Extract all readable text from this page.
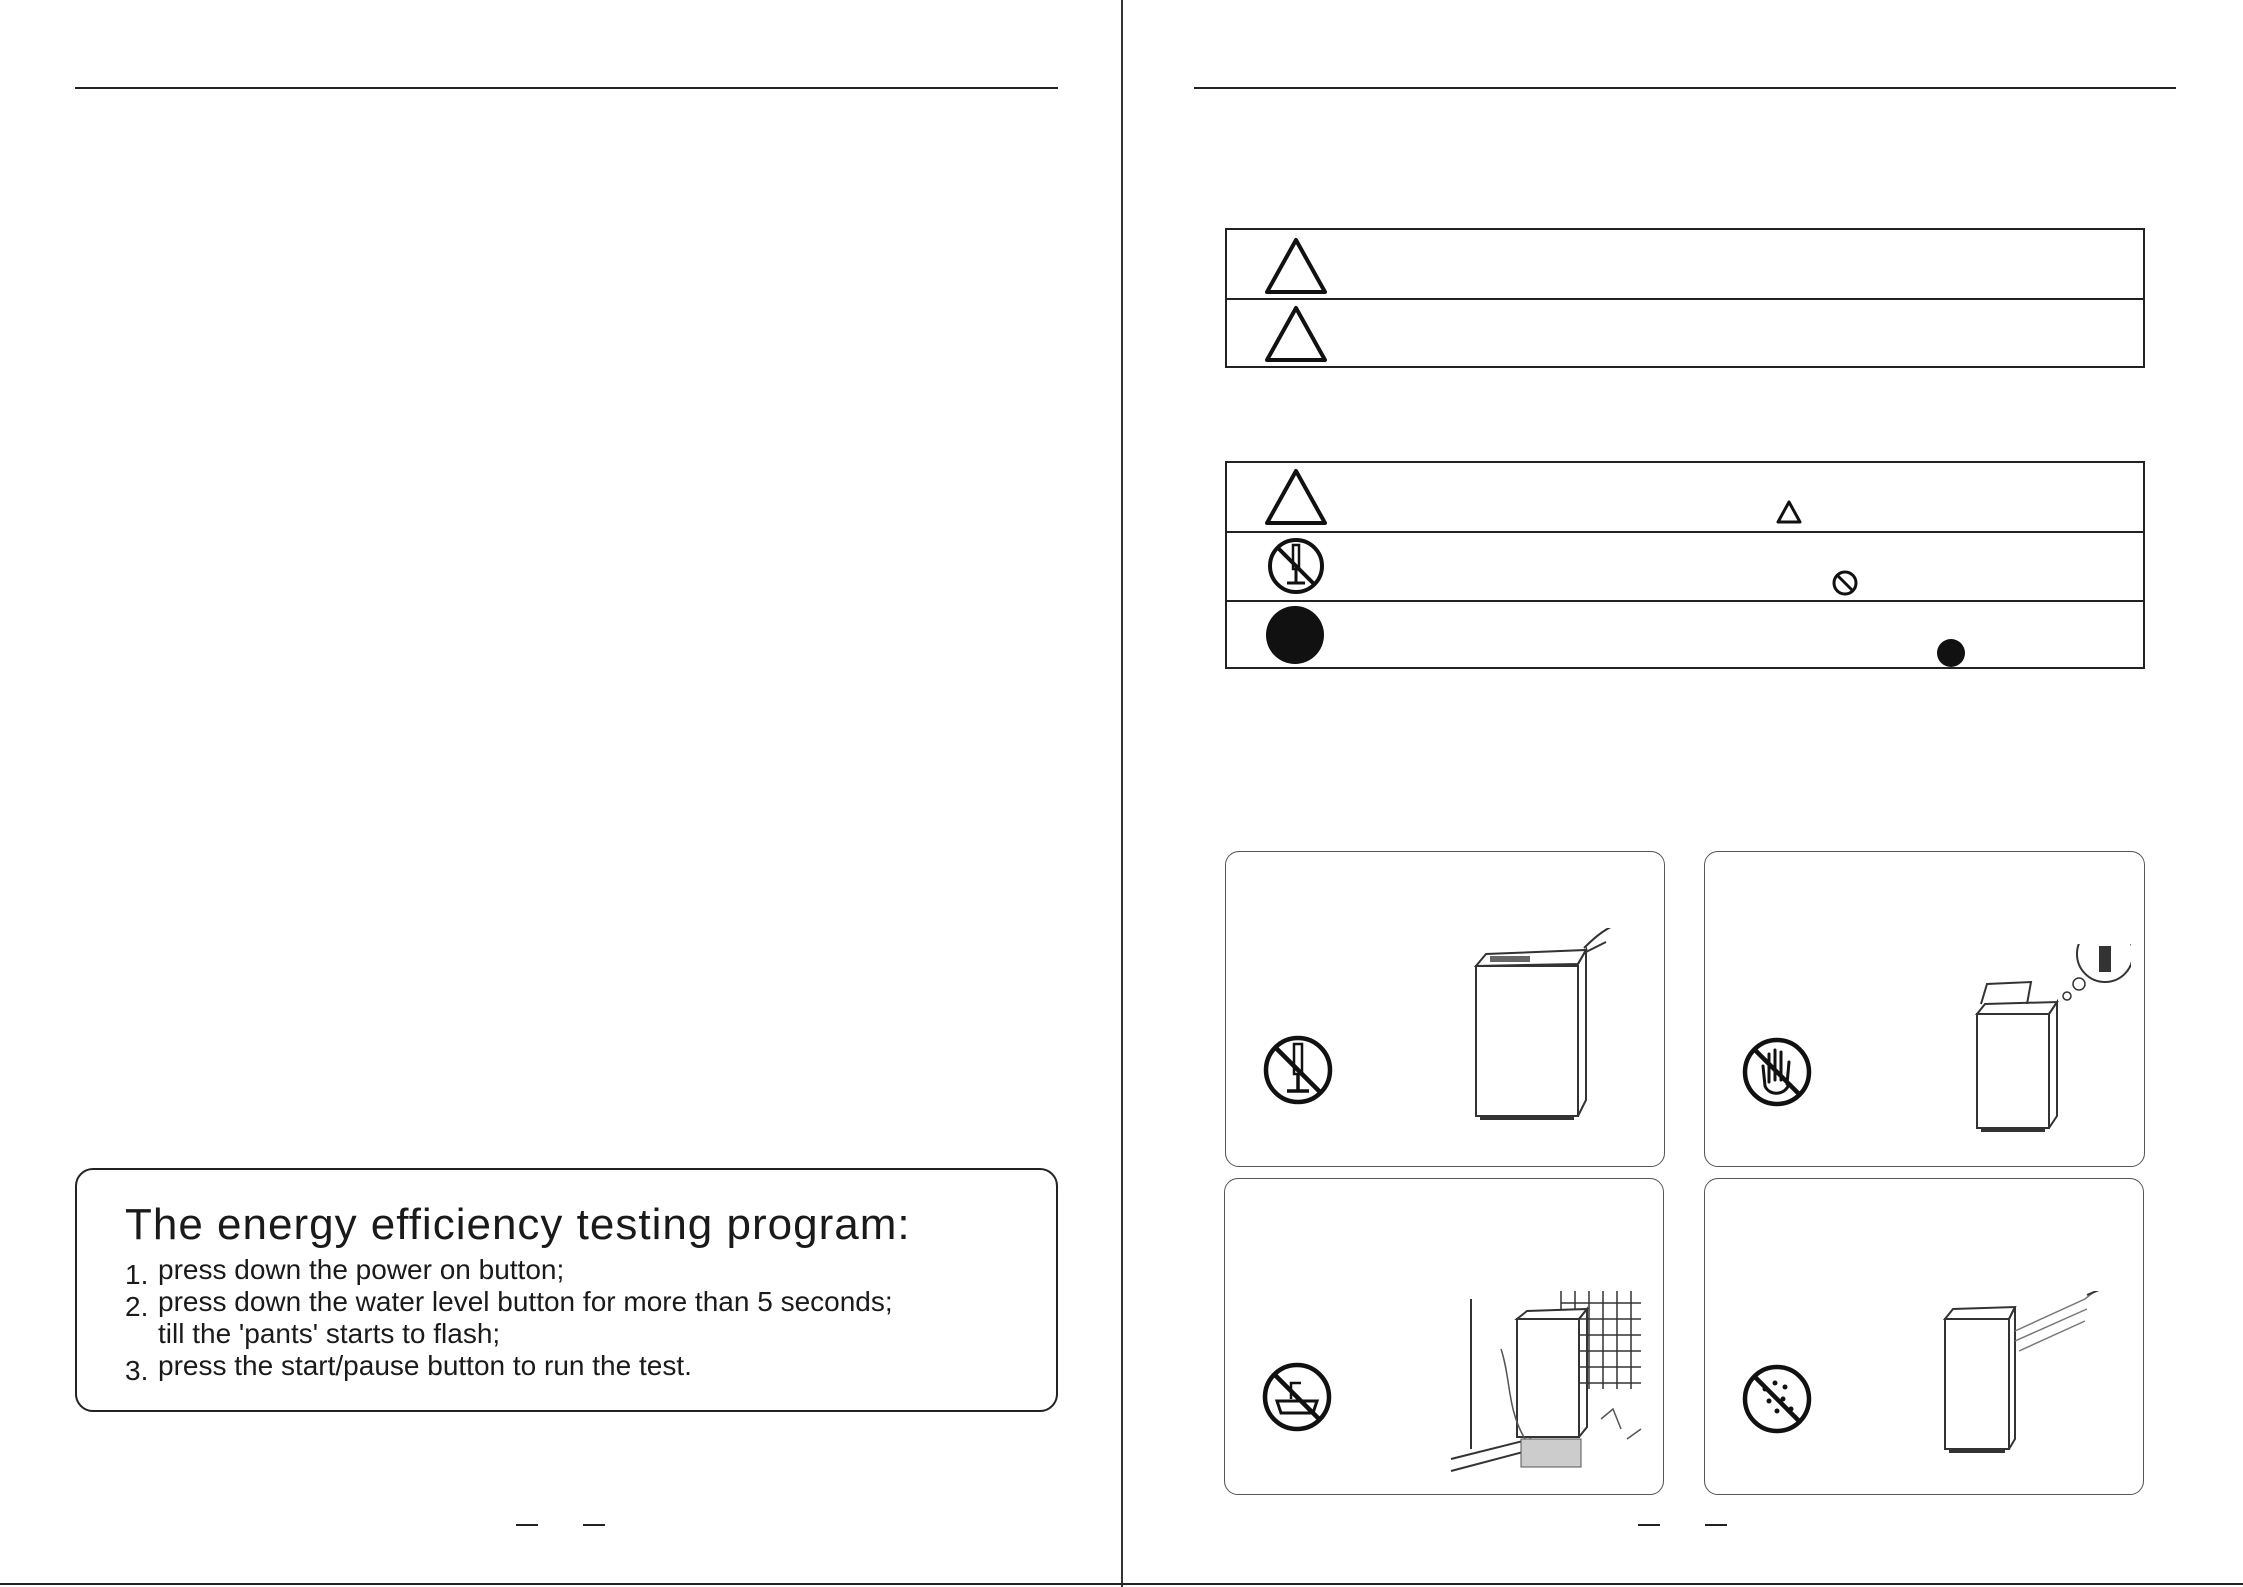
The energy efficiency testing program:
1. press down the power on button;
2. press down the water level button for more than 5 seconds;
till the 'pants' starts to flash;
3. press the start/pause button to run the test.
